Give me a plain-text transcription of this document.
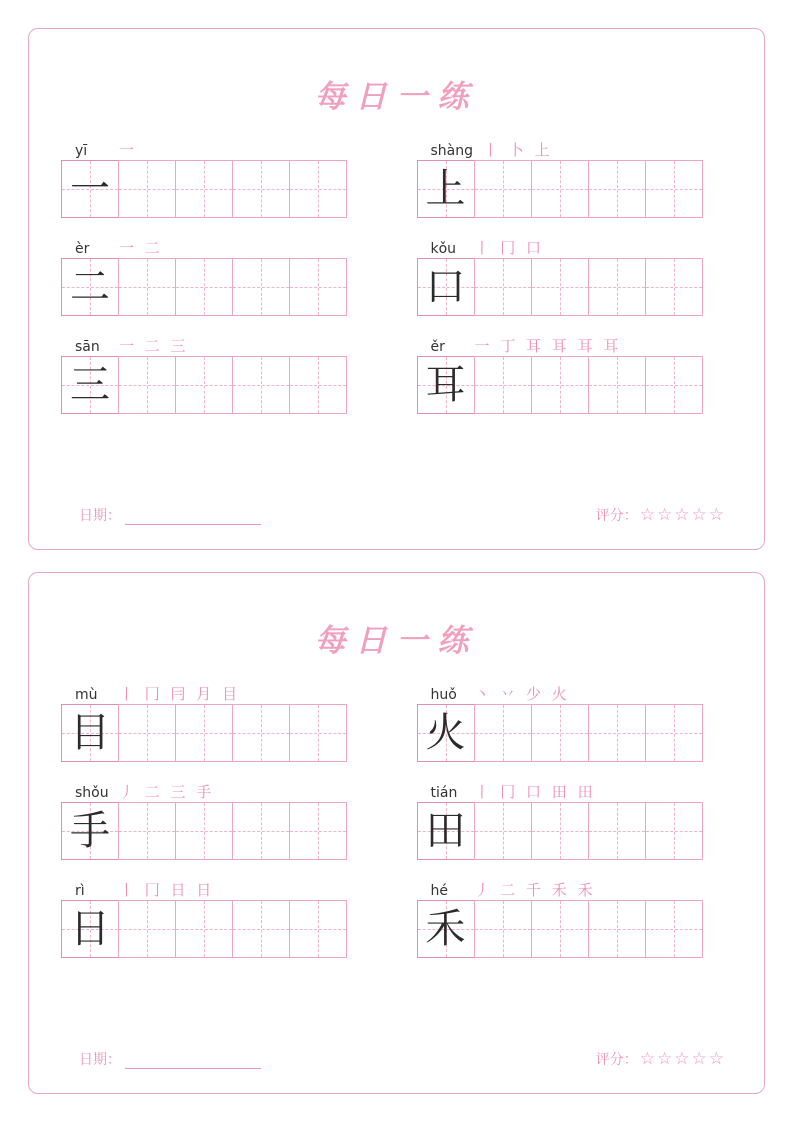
每日一练
yī	一
一
shàng 丨 卜 上
上
èr	一 二
二
kǒu	丨 冂 口
口
sān	一 二 三
三
ěr	一 丁 耳 耳 耳 耳
耳
日期：	评分： ☆☆☆☆☆
每日一练
mù	丨 冂 冃 月 目
目
huǒ	丶 丷 少 火
火
shǒu 丿 二 三 手
手
tián	丨 冂 口 田 田
田
rì	丨 冂 日 日
日
hé	丿 二 千 禾 禾
禾
日期：	评分： ☆☆☆☆☆
